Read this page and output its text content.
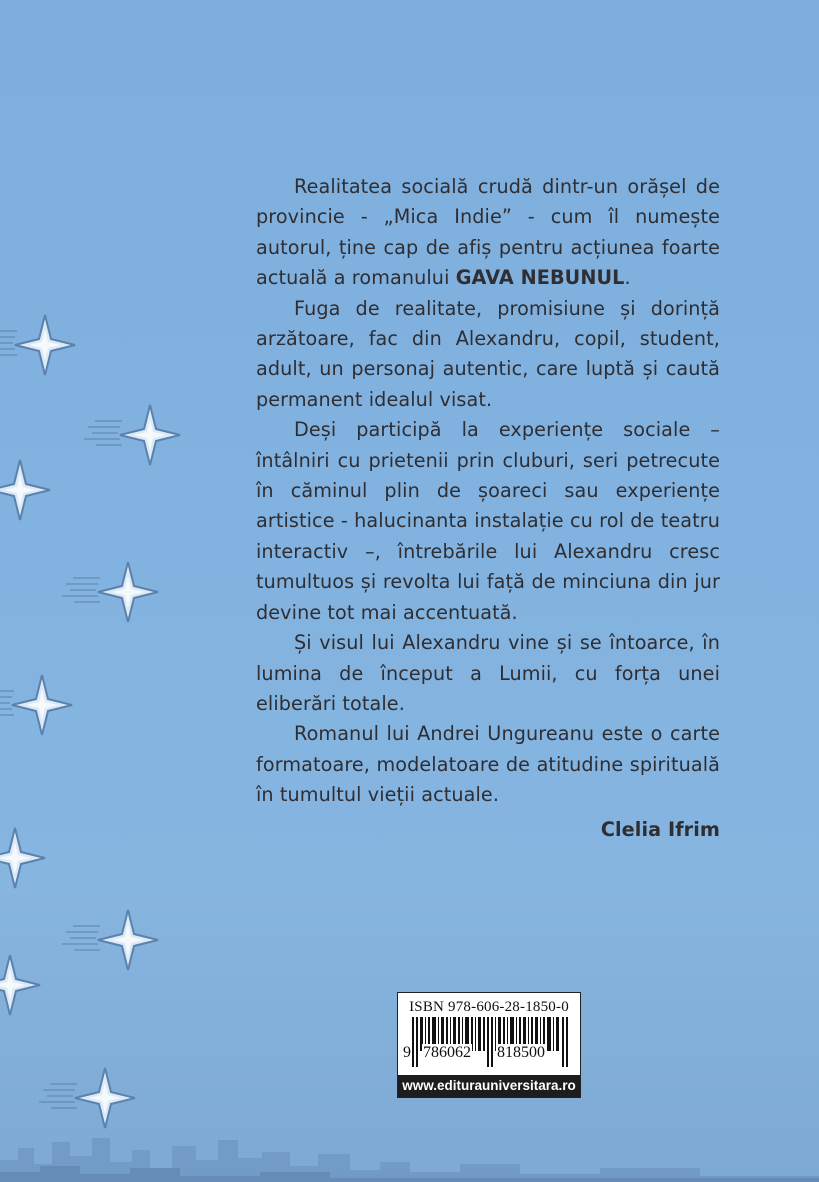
Realitatea socială crudă dintr-un orășel de provincie - „Mica Indie” - cum îl numește autorul, ține cap de afiș pentru acțiunea foarte actuală a romanului GAVA NEBUNUL.

Fuga de realitate, promisiune și dorință arzătoare, fac din Alexandru, copil, student, adult, un personaj autentic, care luptă și caută permanent idealul visat.

Deși participă la experiențe sociale – întâlniri cu prietenii prin cluburi, seri petrecute în căminul plin de șoareci sau experiențe artistice - halucinanta instalație cu rol de teatru interactiv –, întrebările lui Alexandru cresc tumultuos și revolta lui față de minciuna din jur devine tot mai accentuată.

Și visul lui Alexandru vine și se întoarce, în lumina de început a Lumii, cu forța unei eliberări totale.

Romanul lui Andrei Ungureanu este o carte formatoare, modelatoare de atitudine spirituală în tumultul vieții actuale.

Clelia Ifrim

ISBN 978-606-28-1850-0
9 786062 818500
www.editurauniversitara.ro
